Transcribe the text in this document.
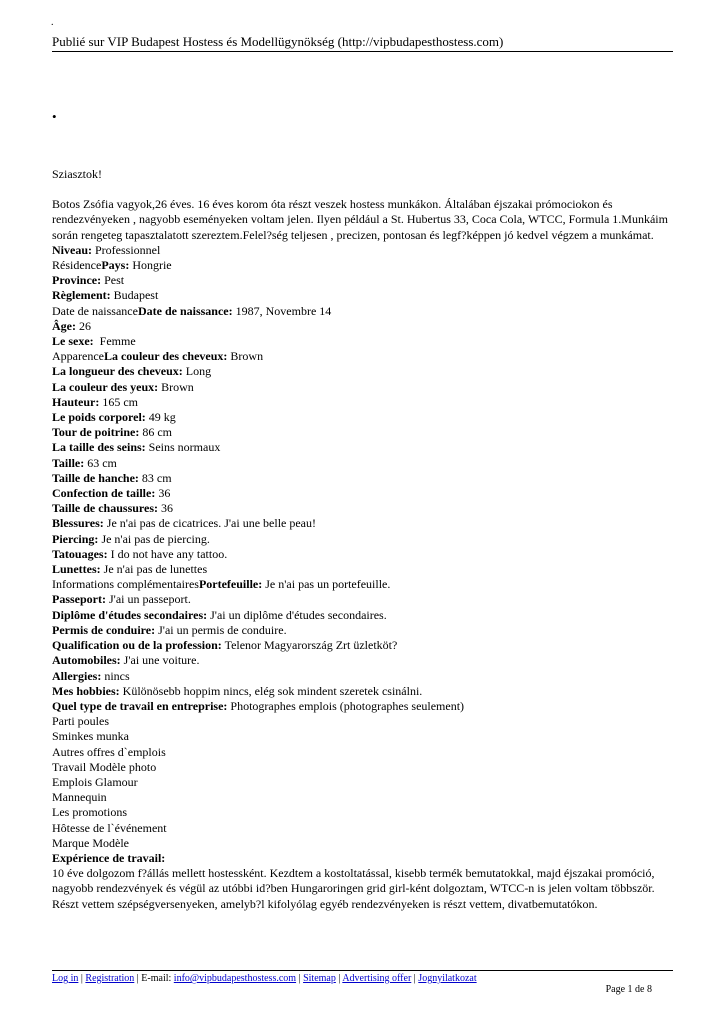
.
Publié sur VIP Budapest Hostess és Modellügynökség (http://vipbudapesthostess.com)
•

Sziasztok!

Botos Zsófia vagyok,26 éves. 16 éves korom óta részt veszek hostess munkákon. Általában éjszakai prómociokon és rendezvényeken , nagyobb eseményeken voltam jelen. Ilyen például a St. Hubertus 33, Coca Cola, WTCC, Formula 1.Munkáim során rengeteg tapasztalatott szereztem.Felel?ség teljesen , precizen, pontosan és legf?képpen jó kedvel végzem a munkámat.

Niveau: Professionnel

RésidencePays: Hongrie

Province: Pest

Règlement: Budapest

Date de naissanceDate de naissance: 1987, Novembre 14

Âge: 26

Le sexe:  Femme

ApparenceLa couleur des cheveux: Brown

La longueur des cheveux: Long

La couleur des yeux: Brown

Hauteur: 165 cm

Le poids corporel: 49 kg

Tour de poitrine: 86 cm

La taille des seins: Seins normaux

Taille: 63 cm

Taille de hanche: 83 cm

Confection de taille: 36

Taille de chaussures: 36

Blessures: Je n'ai pas de cicatrices. J'ai une belle peau!

Piercing: Je n'ai pas de piercing.

Tatouages: I do not have any tattoo.

Lunettes: Je n'ai pas de lunettes

Informations complémentairesPortefeuille: Je n'ai pas un portefeuille.

Passeport: J'ai un passeport.

Diplôme d'études secondaires: J'ai un diplôme d'études secondaires.

Permis de conduire: J'ai un permis de conduire.

Qualification ou de la profession: Telenor Magyarország Zrt üzletköt?

Automobiles: J'ai une voiture.

Allergies: nincs

Mes hobbies: Különösebb hoppim nincs, elég sok mindent szeretek csinálni.

Quel type de travail en entreprise: Photographes emplois (photographes seulement)

Parti poules

Sminkes munka

Autres offres d`emplois

Travail Modèle photo

Emplois Glamour

Mannequin

Les promotions

Hôtesse de l`événement

Marque Modèle

Expérience de travail:

10 éve dolgozom f?állás mellett hostessként. Kezdtem a kostoltatással, kisebb termék bemutatokkal, majd éjszakai promóció, nagyobb rendezvények és végül az utóbbi id?ben Hungaroringen grid girl-ként dolgoztam, WTCC-n is jelen voltam többször. Részt vettem szépségversenyeken, amelyb?l kifolyólag egyéb rendezvényeken is részt vettem, divatbemutatókon.

Log in | Registration | E-mail: info@vipbudapesthostess.com | Sitemap | Advertising offer | Jognyilatkozat
Page 1 de 8
